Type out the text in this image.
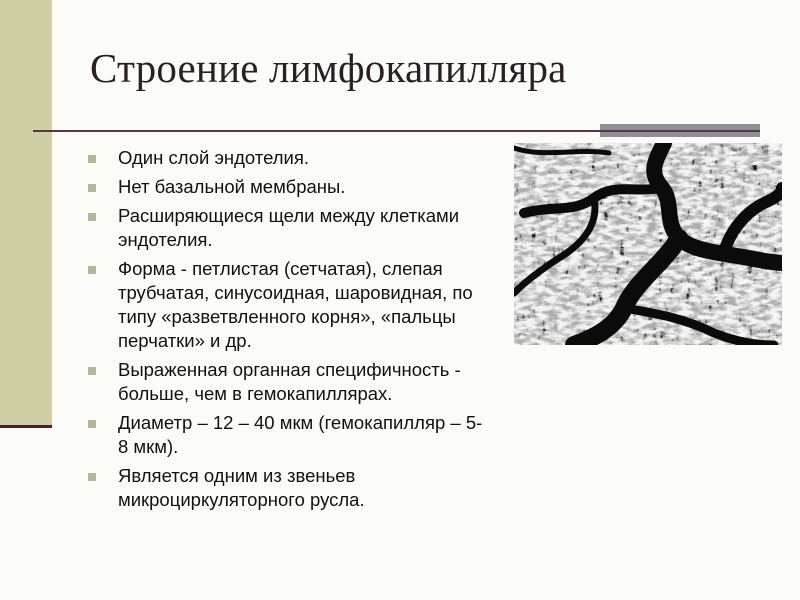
Строение лимфокапилляра
Один слой эндотелия.
Нет базальной мембраны.
Расширяющиеся щели между клетками эндотелия.
Форма - петлистая (сетчатая), слепая трубчатая, синусоидная, шаровидная, по типу «разветвленного корня», «пальцы перчатки» и др.
Выраженная органная специфичность - больше, чем в гемокапиллярах.
Диаметр – 12 – 40 мкм (гемокапилляр – 5-8 мкм).
Является одним из звеньев микроциркуляторного русла.
